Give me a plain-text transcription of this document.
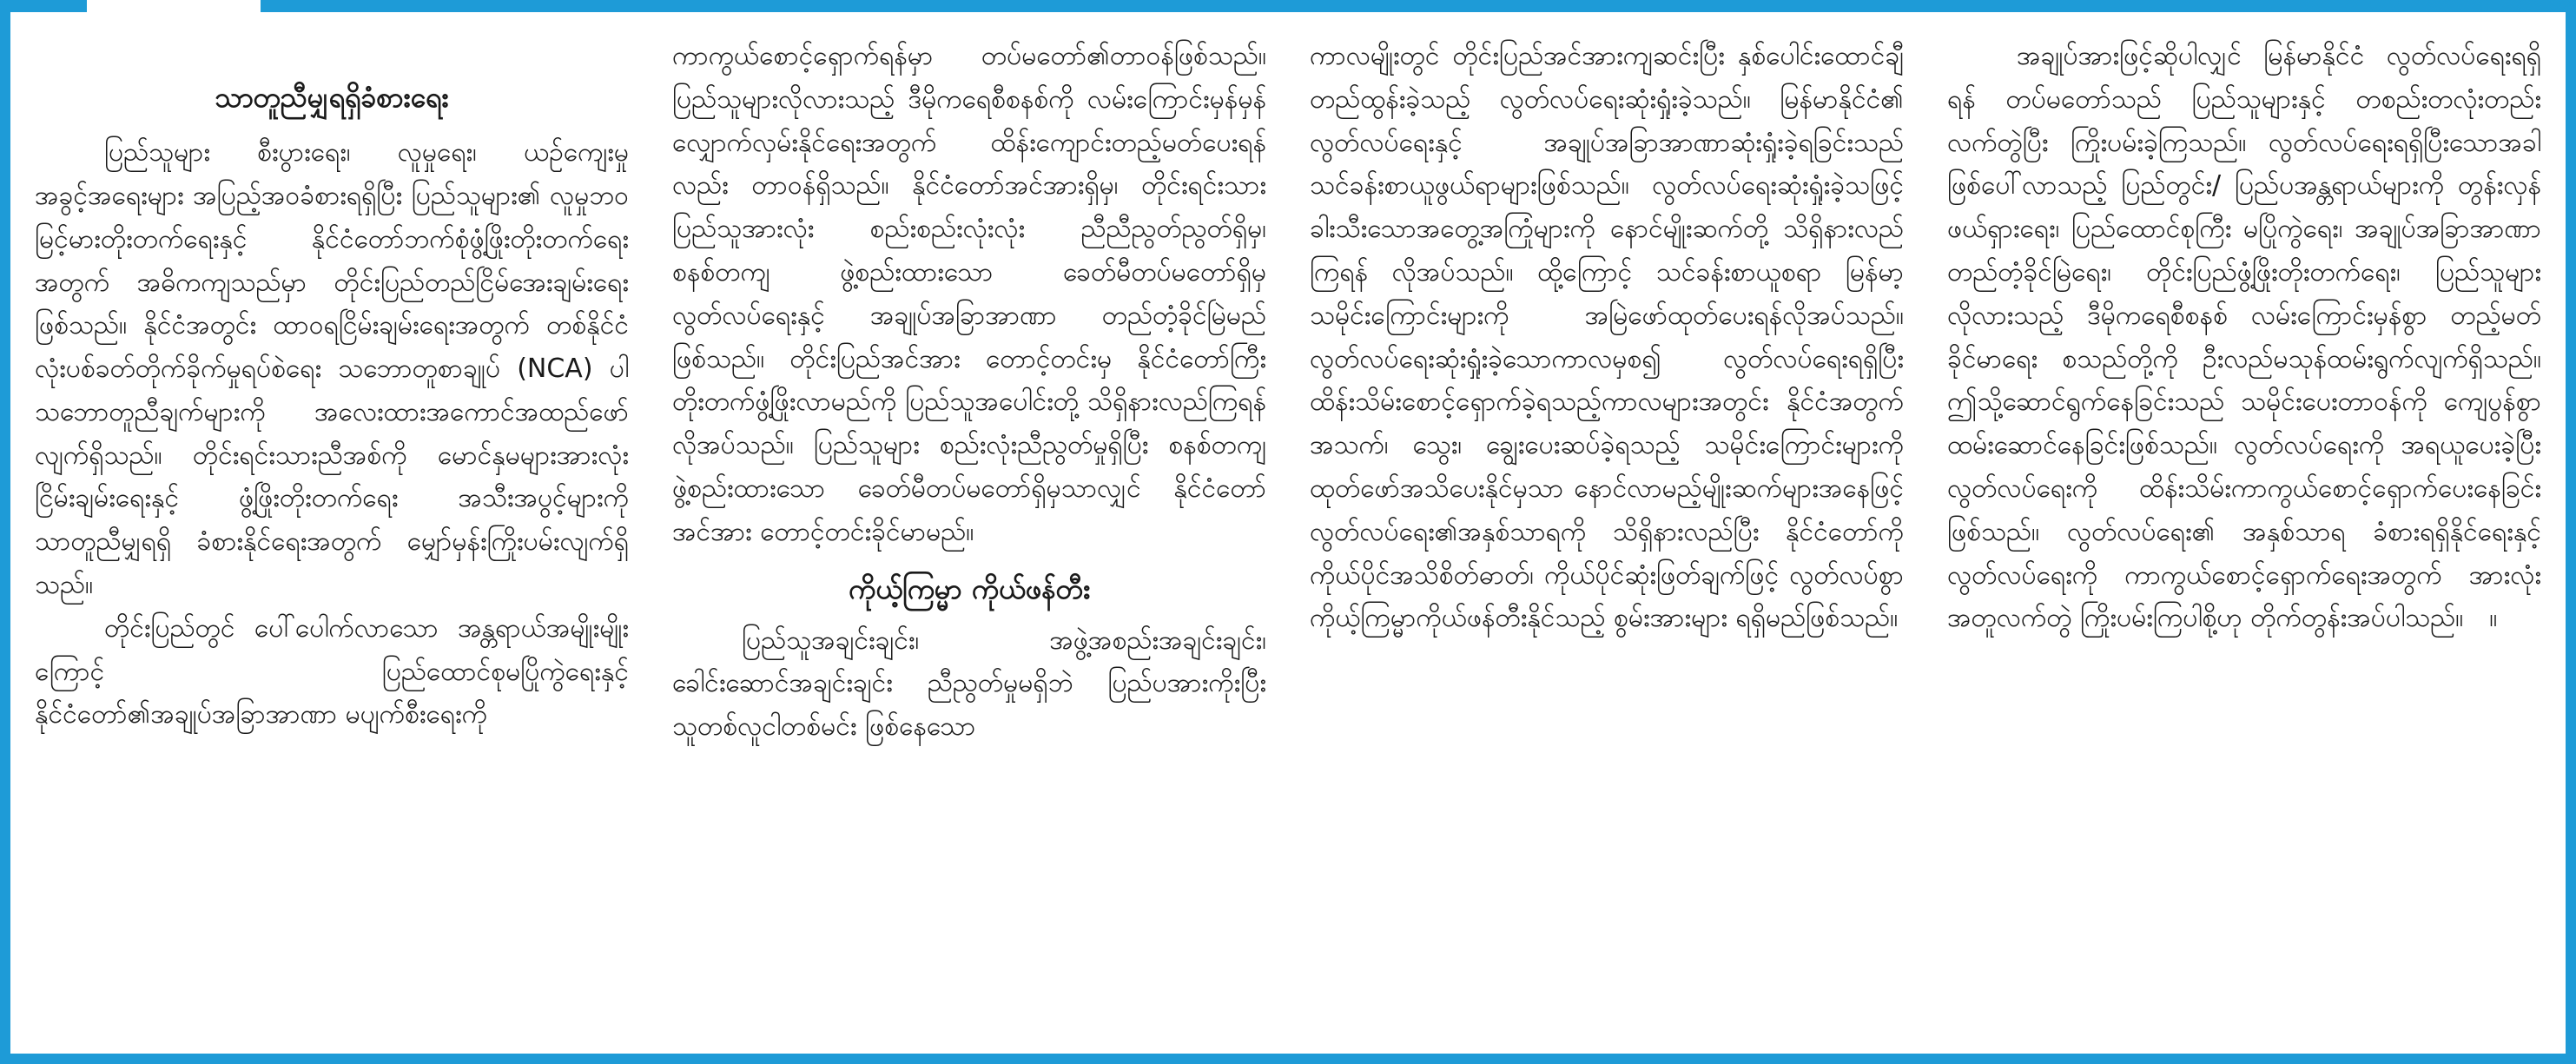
သာတူညီမျှရရှိခံစားရေး

ပြည်သူများ စီးပွားရေး၊ လူမှုရေး၊ ယဉ်ကျေးမှု အခွင့်အရေးများ အပြည့်အဝခံစားရရှိပြီး ပြည်သူများ၏ လူမှုဘဝမြင့်မားတိုးတက်ရေးနှင့် နိုင်ငံတော်ဘက်စုံဖွံ့ဖြိုးတိုးတက်ရေးအတွက် အဓိကကျသည်မှာ တိုင်းပြည်တည်ငြိမ်အေးချမ်းရေးဖြစ်သည်။ နိုင်ငံအတွင်း ထာဝရငြိမ်းချမ်းရေးအတွက် တစ်နိုင်ငံလုံးပစ်ခတ်တိုက်ခိုက်မှုရပ်စဲရေး သဘောတူစာချုပ် (NCA) ပါ သဘောတူညီချက်များကို အလေးထားအကောင်အထည်ဖော်လျက်ရှိသည်။ တိုင်းရင်းသားညီအစ်ကို မောင်နှမများအားလုံး ငြိမ်းချမ်းရေးနှင့် ဖွံ့ဖြိုးတိုးတက်ရေး အသီးအပွင့်များကို သာတူညီမျှရရှိ ခံစားနိုင်ရေးအတွက် မျှော်မှန်းကြိုးပမ်းလျက်ရှိသည်။

တိုင်းပြည်တွင် ပေါ်ပေါက်လာသော အန္တရာယ်အမျိုးမျိုးကြောင့် ပြည်ထောင်စုမပြိုကွဲရေးနှင့် နိုင်ငံတော်၏အချုပ်အခြာအာဏာ မပျက်စီးရေးကို

ကာကွယ်စောင့်ရှောက်ရန်မှာ တပ်မတော်၏တာဝန်ဖြစ်သည်။ ပြည်သူများလိုလားသည့် ဒီမိုကရေစီစနစ်ကို လမ်းကြောင်းမှန်မှန် လျှောက်လှမ်းနိုင်ရေးအတွက် ထိန်းကျောင်းတည့်မတ်ပေးရန်လည်း တာဝန်ရှိသည်။ နိုင်ငံတော်အင်အားရှိမှ၊ တိုင်းရင်းသားပြည်သူအားလုံး စည်းစည်းလုံးလုံး ညီညီညွတ်ညွတ်ရှိမှ၊ စနစ်တကျ ဖွဲ့စည်းထားသော ခေတ်မီတပ်မတော်ရှိမှ လွတ်လပ်ရေးနှင့် အချုပ်အခြာအာဏာ တည်တံ့ခိုင်မြဲမည်ဖြစ်သည်။ တိုင်းပြည်အင်အား တောင့်တင်းမှ နိုင်ငံတော်ကြီး တိုးတက်ဖွံ့ဖြိုးလာမည်ကို ပြည်သူအပေါင်းတို့ သိရှိနားလည်ကြရန် လိုအပ်သည်။ ပြည်သူများ စည်းလုံးညီညွတ်မှုရှိပြီး စနစ်တကျ ဖွဲ့စည်းထားသော ခေတ်မီတပ်မတော်ရှိမှသာလျှင် နိုင်ငံတော်အင်အား တောင့်တင်းခိုင်မာမည်။

ကိုယ့်ကြမ္မာ ကိုယ်ဖန်တီး

ပြည်သူအချင်းချင်း၊ အဖွဲ့အစည်းအချင်းချင်း၊ ခေါင်းဆောင်အချင်းချင်း ညီညွတ်မှုမရှိဘဲ ပြည်ပအားကိုးပြီး သူတစ်လူငါတစ်မင်း ဖြစ်နေသော

ကာလမျိုးတွင် တိုင်းပြည်အင်အားကျဆင်းပြီး နှစ်ပေါင်းထောင်ချီ တည်ထွန်းခဲ့သည့် လွတ်လပ်ရေးဆုံးရှုံးခဲ့သည်။ မြန်မာနိုင်ငံ၏ လွတ်လပ်ရေးနှင့် အချုပ်အခြာအာဏာဆုံးရှုံးခဲ့ရခြင်းသည် သင်ခန်းစာယူဖွယ်ရာများဖြစ်သည်။ လွတ်လပ်ရေးဆုံးရှုံးခဲ့သဖြင့် ခါးသီးသောအတွေ့အကြုံများကို နောင်မျိုးဆက်တို့ သိရှိနားလည်ကြရန် လိုအပ်သည်။ ထို့ကြောင့် သင်ခန်းစာယူစရာ မြန်မာ့သမိုင်းကြောင်းများကို အမြဲဖော်ထုတ်ပေးရန်လိုအပ်သည်။ လွတ်လပ်ရေးဆုံးရှုံးခဲ့သောကာလမှစ၍ လွတ်လပ်ရေးရရှိပြီး ထိန်းသိမ်းစောင့်ရှောက်ခဲ့ရသည့်ကာလများအတွင်း နိုင်ငံအတွက် အသက်၊ သွေး၊ ချွေးပေးဆပ်ခဲ့ရသည့် သမိုင်းကြောင်းများကို ထုတ်ဖော်အသိပေးနိုင်မှသာ နောင်လာမည့်မျိုးဆက်များအနေဖြင့် လွတ်လပ်ရေး၏အနှစ်သာရကို သိရှိနားလည်ပြီး နိုင်ငံတော်ကို ကိုယ်ပိုင်အသိစိတ်ဓာတ်၊ ကိုယ်ပိုင်ဆုံးဖြတ်ချက်ဖြင့် လွတ်လပ်စွာ ကိုယ့်ကြမ္မာကိုယ်ဖန်တီးနိုင်သည့် စွမ်းအားများ ရရှိမည်ဖြစ်သည်။

အချုပ်အားဖြင့်ဆိုပါလျှင် မြန်မာနိုင်ငံ လွတ်လပ်ရေးရရှိရန် တပ်မတော်သည် ပြည်သူများနှင့် တစည်းတလုံးတည်းလက်တွဲပြီး ကြိုးပမ်းခဲ့ကြသည်။ လွတ်လပ်ရေးရရှိပြီးသောအခါ ဖြစ်ပေါ်လာသည့် ပြည်တွင်း/ ပြည်ပအန္တရာယ်များကို တွန်းလှန်ဖယ်ရှားရေး၊ ပြည်ထောင်စုကြီး မပြိုကွဲရေး၊ အချုပ်အခြာအာဏာတည်တံ့ခိုင်မြဲရေး၊ တိုင်းပြည်ဖွံ့ဖြိုးတိုးတက်ရေး၊ ပြည်သူများလိုလားသည့် ဒီမိုကရေစီစနစ် လမ်းကြောင်းမှန်စွာ တည့်မတ်ခိုင်မာရေး စသည်တို့ကို ဦးလည်မသုန်ထမ်းရွက်လျက်ရှိသည်။ ဤသို့ဆောင်ရွက်နေခြင်းသည် သမိုင်းပေးတာဝန်ကို ကျေပွန်စွာ ထမ်းဆောင်နေခြင်းဖြစ်သည်။ လွတ်လပ်ရေးကို အရယူပေးခဲ့ပြီး လွတ်လပ်ရေးကို ထိန်းသိမ်းကာကွယ်စောင့်ရှောက်ပေးနေခြင်း ဖြစ်သည်။ လွတ်လပ်ရေး၏ အနှစ်သာရ ခံစားရရှိနိုင်ရေးနှင့် လွတ်လပ်ရေးကို ကာကွယ်စောင့်ရှောက်ရေးအတွက် အားလုံးအတူလက်တွဲ ကြိုးပမ်းကြပါစို့ဟု တိုက်တွန်းအပ်ပါသည်။ ။
